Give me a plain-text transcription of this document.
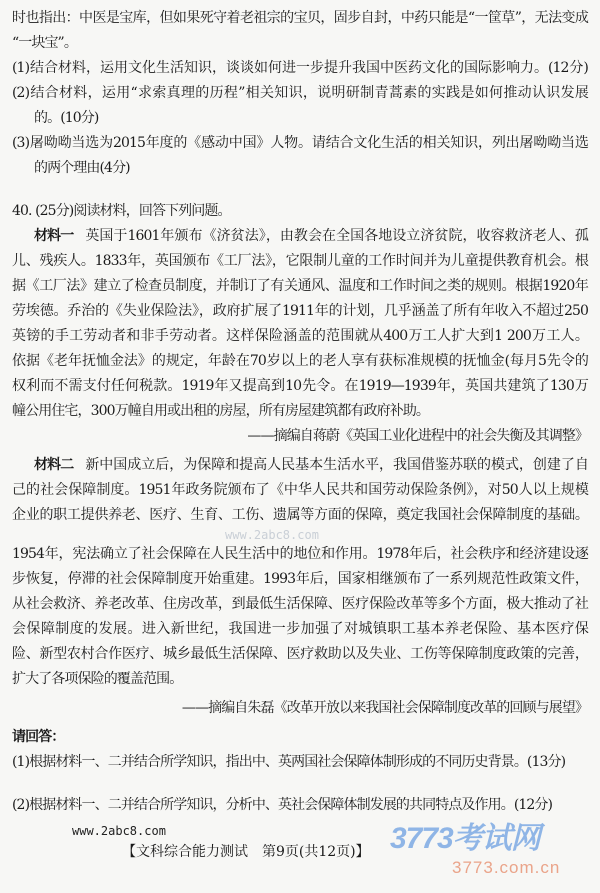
时也指出：中医是宝库，但如果死守着老祖宗的宝贝，固步自封，中药只能是“一筐草”，无法变成
“一块宝”。
(1)结合材料，运用文化生活知识，谈谈如何进一步提升我国中医药文化的国际影响力。(12分)
(2)结合材料，运用“求索真理的历程”相关知识，说明研制青蒿素的实践是如何推动认识发展
的。(10分)
(3)屠呦呦当选为2015年度的《感动中国》人物。请结合文化生活的相关知识，列出屠呦呦当选
的两个理由(4分)
40. (25分)阅读材料，回答下列问题。
材料一 英国于1601年颁布《济贫法》，由教会在全国各地设立济贫院，收容救济老人、孤
儿、残疾人。1833年，英国颁布《工厂法》，它限制儿童的工作时间并为儿童提供教育机会。根
据《工厂法》建立了检查员制度，并制订了有关通风、温度和工作时间之类的规则。根据1920年
劳埃德。乔治的《失业保险法》，政府扩展了1911年的计划，几乎涵盖了所有年收入不超过250
英镑的手工劳动者和非手劳动者。这样保险涵盖的范围就从400万工人扩大到1 200万工人。
依据《老年抚恤金法》的规定，年龄在70岁以上的老人享有获标准规模的抚恤金(每月5先令的
权利而不需支付任何税款。1919年又提高到10先令。在1919—1939年，英国共建筑了130万
幢公用住宅，300万幢自用或出租的房屋，所有房屋建筑都有政府补助。
——摘编自蒋蔚《英国工业化进程中的社会失衡及其调整》
材料二 新中国成立后，为保障和提高人民基本生活水平，我国借鉴苏联的模式，创建了自
己的社会保障制度。1951年政务院颁布了《中华人民共和国劳动保险条例》，对50人以上规模
企业的职工提供养老、医疗、生育、工伤、遗属等方面的保障，奠定我国社会保障制度的基础。
www.2abc8.com
1954年，宪法确立了社会保障在人民生活中的地位和作用。1978年后，社会秩序和经济建设逐
步恢复，停滞的社会保障制度开始重建。1993年后，国家相继颁布了一系列规范性政策文件，
从社会救济、养老改革、住房改革，到最低生活保障、医疗保险改革等多个方面，极大推动了社
会保障制度的发展。进入新世纪，我国进一步加强了对城镇职工基本养老保险、基本医疗保
险、新型农村合作医疗、城乡最低生活保障、医疗救助以及失业、工伤等保障制度政策的完善，
扩大了各项保险的覆盖范围。
——摘编自朱磊《改革开放以来我国社会保障制度改革的回顾与展望》
请回答：
(1)根据材料一、二并结合所学知识，指出中、英两国社会保障体制形成的不同历史背景。(13分)
(2)根据材料一、二并结合所学知识，分析中、英社会保障体制发展的共同特点及作用。(12分)
www.2abc8.com
【文科综合能力测试　第9页(共12页)】 3773考试网
3773.com.cn
